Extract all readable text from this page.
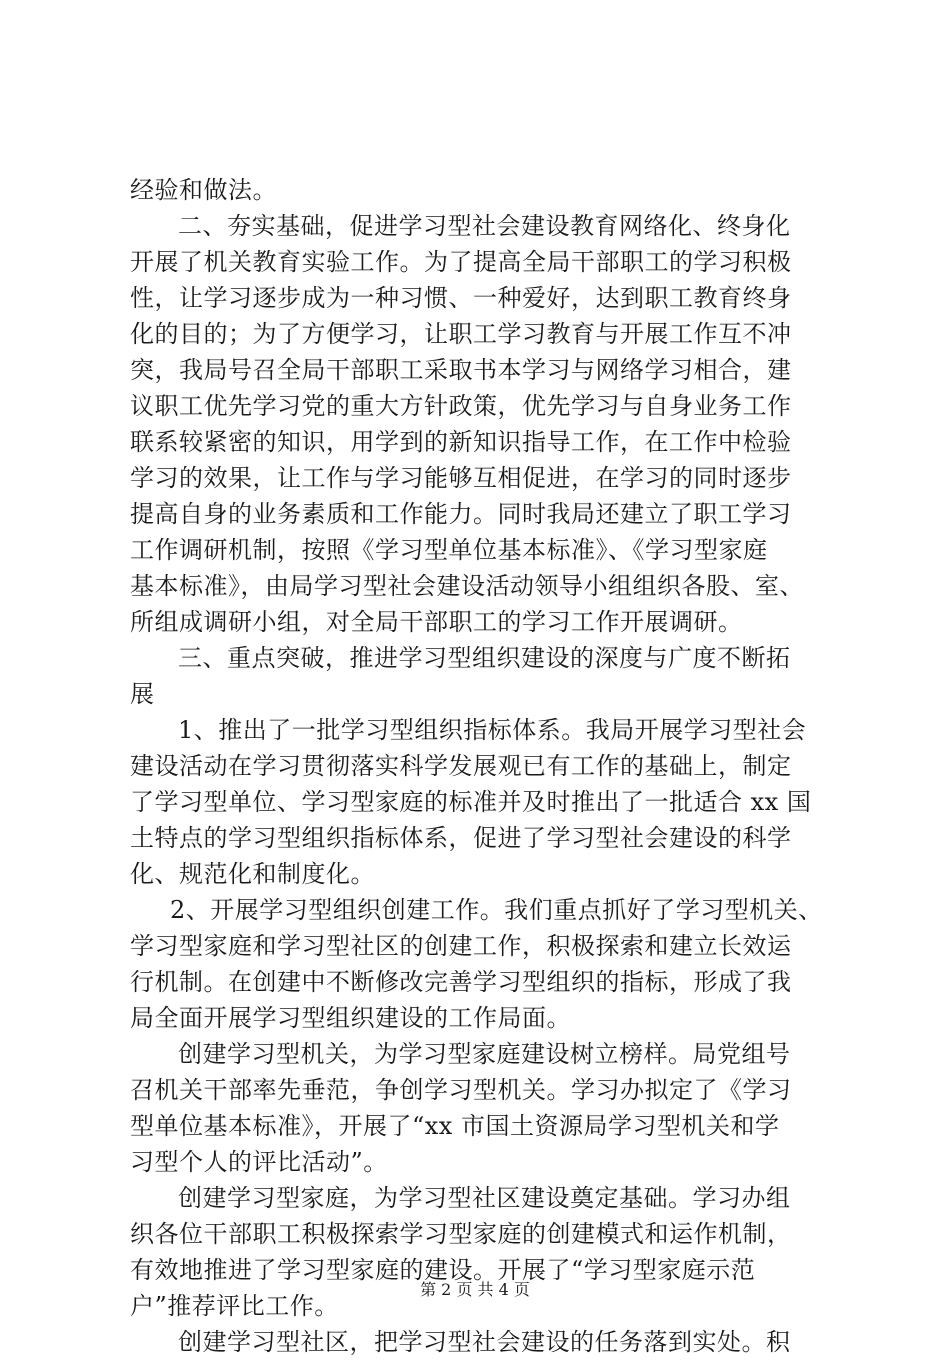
经验和做法。
二、夯实基础，促进学习型社会建设教育网络化、终身化
开展了机关教育实验工作。为了提高全局干部职工的学习积极
性，让学习逐步成为一种习惯、一种爱好，达到职工教育终身
化的目的；为了方便学习，让职工学习教育与开展工作互不冲
突，我局号召全局干部职工采取书本学习与网络学习相合，建
议职工优先学习党的重大方针政策，优先学习与自身业务工作
联系较紧密的知识，用学到的新知识指导工作，在工作中检验
学习的效果，让工作与学习能够互相促进，在学习的同时逐步
提高自身的业务素质和工作能力。同时我局还建立了职工学习
工作调研机制，按照《学习型单位基本标准》、《学习型家庭
基本标准》，由局学习型社会建设活动领导小组组织各股、室、
所组成调研小组，对全局干部职工的学习工作开展调研。
三、重点突破，推进学习型组织建设的深度与广度不断拓
展
1、推出了一批学习型组织指标体系。我局开展学习型社会
建设活动在学习贯彻落实科学发展观已有工作的基础上，制定
了学习型单位、学习型家庭的标准并及时推出了一批适合 xx 国
土特点的学习型组织指标体系，促进了学习型社会建设的科学
化、规范化和制度化。
2、开展学习型组织创建工作。我们重点抓好了学习型机关、
学习型家庭和学习型社区的创建工作，积极探索和建立长效运
行机制。在创建中不断修改完善学习型组织的指标，形成了我
局全面开展学习型组织建设的工作局面。
创建学习型机关，为学习型家庭建设树立榜样。局党组号
召机关干部率先垂范，争创学习型机关。学习办拟定了《学习
型单位基本标准》，开展了“xx 市国土资源局学习型机关和学
习型个人的评比活动”。
创建学习型家庭，为学习型社区建设奠定基础。学习办组
织各位干部职工积极探索学习型家庭的创建模式和运作机制，
有效地推进了学习型家庭的建设。开展了“学习型家庭示范
户”推荐评比工作。
创建学习型社区，把学习型社会建设的任务落到实处。积
第 2 页 共 4 页
